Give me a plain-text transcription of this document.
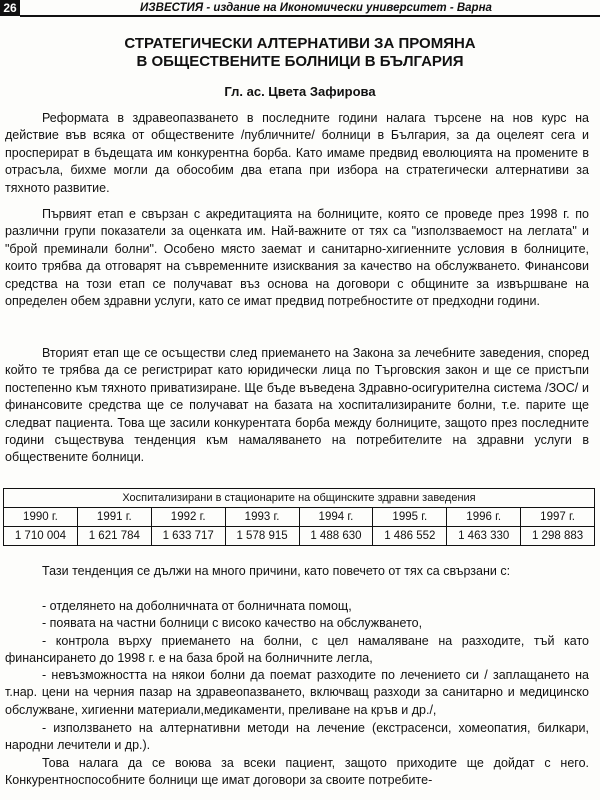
26	ИЗВЕСТИЯ - издание на Икономически университет - Варна
СТРАТЕГИЧЕСКИ АЛТЕРНАТИВИ ЗА ПРОМЯНА
В ОБЩЕСТВЕНИТЕ БОЛНИЦИ В БЪЛГАРИЯ
Гл. ас. Цвета Зафирова
Реформата в здравеопазването в последните години налага търсене на нов курс на действие във всяка от обществените /публичните/ болници в България, за да оцелеят сега и просперират в бъдещата им конкурентна борба. Като имаме предвид еволюцията на промените в отрасъла, бихме могли да обособим два етапа при избора на стратегически алтернативи за тяхното развитие.
Първият етап е свързан с акредитацията на болниците, която се проведе през 1998 г. по различни групи показатели за оценката им. Най-важните от тях са "използваемост на леглата" и "брой преминали болни". Особено място заемат и санитарно-хигиенните условия в болниците, които трябва да отговарят на съвременните изисквания за качество на обслужването. Финансови средства на този етап се получават въз основа на договори с общините за извършване на определен обем здравни услуги, като се имат предвид потребностите от предходни години.
Вторият етап ще се осъществи след приемането на Закона за лечебните заведения, според който те трябва да се регистрират като юридически лица по Търговския закон и ще се пристъпи постепенно към тяхното приватизиране. Ще бъде въведена Здравно-осигурителна система /ЗОС/ и финансовите средства ще се получават на базата на хоспитализираните болни, т.е. парите ще следват пациента. Това ще засили конкурентата борба между болниците, защото през последните години съществува тенденция към намаляването на потребителите на здравни услуги в обществените болници.
Хоспитализирани в стационарите на общинските здравни заведения							
1990 г.	1991 г.	1992 г.	1993 г.	1994 г.	1995 г.	1996 г.	1997 г.
1 710 004	1 621 784	1 633 717	1 578 915	1 488 630	1 486 552	1 463 330	1 298 883
Тази тенденция се дължи на много причини, като повечето от тях са свързани с:
- отделянето на доболничната от болничната помощ,
- появата на частни болници с високо качество на обслужването,
- контрола върху приемането на болни, с цел намаляване на разходите, тъй като финансирането до 1998 г. е на база брой на болничните легла,
- невъзможността на някои болни да поемат разходите по лечението си / заплащането на т.нар. цени на черния пазар на здравеопазването, включващ разходи за санитарно и медицинско обслужване, хигиенни материали,медикаменти, преливане на кръв и др./,
- използването на алтернативни методи на лечение (екстрасенси, хомеопатия, билкари, народни лечители и др.).
Това налага да се воюва за всеки пациент, защото приходите ще дойдат с него. Конкурентноспособните болници ще имат договори за своите потребите-
